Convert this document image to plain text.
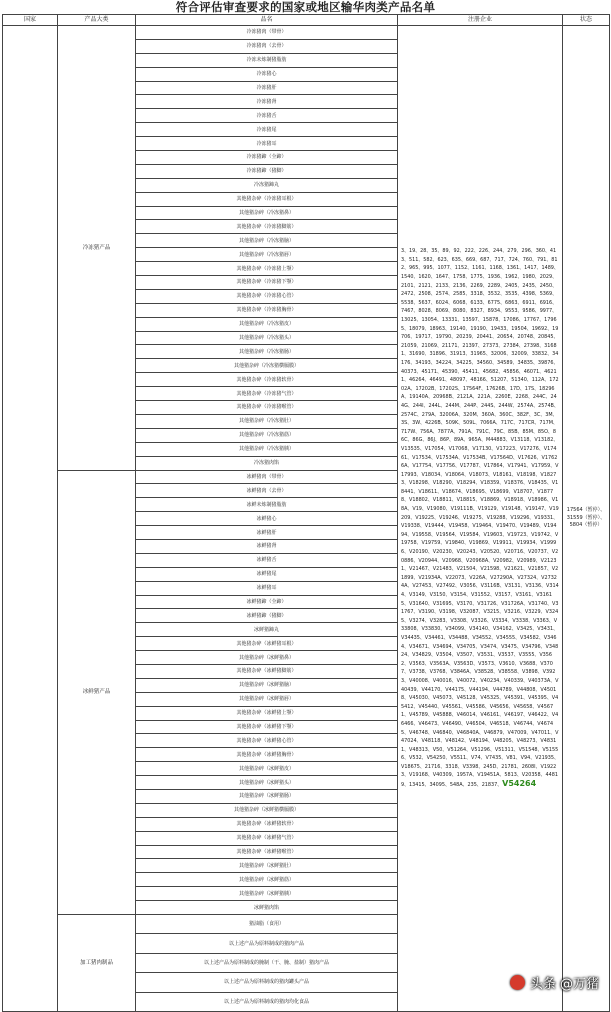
符合评估审查要求的国家或地区输华肉类产品名单
国家	产品大类	品名	注册企业	状态
	冷冻猪产品	冷冻猪肉（带骨）	3、19、28、35、89、92、222、226、244、279、296、360、413、511、582、623、635、669、687、717、724、760、791、812、965、995、1077、1152、1161、1168、1361、1417、1489、1540、1620、1647、1758、1775、1936、1962、1980、2029、2101、2121、2133、2136、2269、2289、2405、2435、2450、2472、2508、2574、2585、3318、3532、3535、4398、5369、5538、5637、6024、6068、6133、6775、6863、6911、6916、7467、8028、8069、8080、8327、8934、9553、9586、9977、13025、13054、13331、13597、15878、17086、17767、17965、18079、18963、19140、19190、19433、19504、19692、19706、19717、19790、20239、20441、20654、20748、20845、21059、21069、21171、21397、27373、27384、27398、31681、31690、31896、31913、31965、32006、32009、33832、34176、34193、34224、34225、34560、34589、34835、39876、40373、45171、45390、45411、45682、45856、46071、46211、46264、46491、48097、48166、51207、51340、112A、17202A、17202B、17202S、17564F、17626B、17D、17S、18296A、19140A、20968B、2121A、221A、2260E、2268、244C、244G、244I、244L、244M、244P、244S、244W、2574A、2574B、2574C、279A、32006A、320M、360A、360C、382F、3C、3M、3S、3W、4226B、509K、509L、7066A、717C、717CR、717M、717W、756A、7877A、791A、791C、79C、85B、85M、85O、86C、86G、86J、86P、89A、965A、M44883、V13118、V13182、V13535、V17054、V17068、V17130、V17223、V17276、V17461、V17534、V17534A、V17534B、V17564D、V17626、V17626A、V17754、V17756、V17787、V17864、V17941、V17959、V17993、V18034、V18064、V18073、V18161、V18198、V18273、V18298、V18290、V18294、V18359、V18376、V18435、V18441、V18611、V18674、V18695、V18699、V18707、V18778、V18802、V18811、V18815、V18869、V18918、V18986、V18A、V19、V19080、V19111B、V19129、V19148、V19147、V19209、V19225、V19246、V19275、V19288、V19296、V19331、V19338、V19444、V19458、V19464、V19470、V19489、V19494、V19558、V19564、V19584、V19603、V19723、V19742、V19758、V19759、V19840、V19869、V19911、V19934、V19996、V20190、V20230、V20243、V20520、V20716、V20737、V20886、V20944、V20968、V20968A、V20982、V20989、V21231、V21467、V21483、V21504、V21598、V21621、V21857、V21899、V21934A、V22073、V226A、V27290A、V27324、V27324A、V27453、V27492、V3056、V3116B、V3131、V3136、V3144、V3149、V3150、V3154、V31552、V3157、V3161、V31615、V31640、V31695、V3170、V31726、V31726A、V31740、V31767、V3190、V3198、V32087、V3215、V3216、V3229、V3245、V3274、V3283、V3308、V3326、V3334、V3338、V3363、V33808、V33830、V34099、V34140、V34162、V3425、V3431、V34435、V34461、V34488、V34552、V34555、V34582、V3464、V34671、V34694、V34705、V3474、V3475、V34796、V34824、V34829、V3504、V3507、V3531、V3537、V3555、V3562、V3563、V3563A、V3563D、V3573、V3610、V3688、V3707、V3738、V3768、V3846A、V38528、V38558、V3898、V3923、V40008、V40016、V40072、V40234、V40339、V40373A、V40439、V44170、V44175、V44194、V44789、V44808、V45018、V45030、V45073、V45128、V45325、V45391、V45395、V45412、V45440、V45561、V45586、V45656、V45658、V45671、V45789、V45888、V46014、V46161、V46197、V46422、V46466、V46473、V46490、V46504、V46518、V46744、V46745、V46748、V46840、V46840A、V46879、V47009、V47011、V47024、V48118、V48142、V48194、V48205、V48273、V48311、V48313、V50、V51264、V51296、V51311、V51548、V51556、V532、V54250、V5511、V74、V7435、V81、V94、V21935、V18675、21716、3318、V3398、245D、21781、2608I、V19223、V19168、V40309、1957A、V19451A、5813、V20358、44819、13415、34095、548A、235、21837、V54264	17564（暂停）、31559（暂停）、5804（暂停）
		冷冻猪肉（去骨）		
		冷冻未炼制猪脂肪		
		冷冻猪心		
		冷冻猪肝		
		冷冻猪肾		
		冷冻猪舌		
		冷冻猪尾		
		冷冻猪耳		
		冷冻猪蹄（全蹄）		
		冷冻猪蹄（猪脚）		
		冷冻猪蹄丸		
		其他猪杂碎（冷冻猪耳根）		
		其他猪杂碎（冷冻猪鼻）		
		其他猪杂碎（冷冻猪脚筋）		
		其他猪杂碎（冷冻猪脑）		
		其他猪杂碎（冷冻猪唇）		
		其他猪杂碎（冷冻猪上颚）		
		其他猪杂碎（冷冻猪下颚）		
		其他猪杂碎（冷冻猪心管）		
		其他猪杂碎（冷冻猪胸骨）		
		其他猪杂碎（冷冻猪皮）		
		其他猪杂碎（冷冻猪头）		
		其他猪杂碎（冷冻猪肠）		
		其他猪杂碎（冷冻猪横膈膜）		
		其他猪杂碎（冷冻猪软骨）		
		其他猪杂碎（冷冻猪气管）		
		其他猪杂碎（冷冻猪喉管）		
		其他猪杂碎（冷冻猪肚）		
		其他猪杂碎（冷冻猪筋）		
		其他猪杂碎（冷冻猪胰）		
		冷冻猪肉馅		
	冰鲜猪产品	冰鲜猪肉（带骨）		
		冰鲜猪肉（去骨）		
		冰鲜未炼制猪脂肪		
		冰鲜猪心		
		冰鲜猪肝		
		冰鲜猪肾		
		冰鲜猪舌		
		冰鲜猪尾		
		冰鲜猪耳		
		冰鲜猪蹄（全蹄）		
		冰鲜猪蹄（猪脚）		
		冰鲜猪蹄丸		
		其他猪杂碎（冰鲜猪耳根）		
		其他猪杂碎（冰鲜猪鼻）		
		其他猪杂碎（冰鲜猪脚筋）		
		其他猪杂碎（冰鲜猪脑）		
		其他猪杂碎（冰鲜猪唇）		
		其他猪杂碎（冰鲜猪上颚）		
		其他猪杂碎（冰鲜猪下颚）		
		其他猪杂碎（冰鲜猪心管）		
		其他猪杂碎（冰鲜猪胸骨）		
		其他猪杂碎（冰鲜猪皮）		
		其他猪杂碎（冰鲜猪头）		
		其他猪杂碎（冰鲜猪肠）		
		其他猪杂碎（冰鲜猪横膈膜）		
		其他猪杂碎（冰鲜猪软骨）		
		其他猪杂碎（冰鲜猪气管）		
		其他猪杂碎（冰鲜猪喉管）		
		其他猪杂碎（冰鲜猪肚）		
		其他猪杂碎（冰鲜猪筋）		
		其他猪杂碎（冰鲜猪胰）		
		冰鲜猪肉馅		
	加工猪肉制品	猪油脂（食用）		
		以上述产品为原料制成的猪肉产品		
		以上述产品为原料制成的腌制（干、腌、盐制）猪肉产品		
		以上述产品为原料制成的猪肉罐头产品		
		以上述产品为原料制成的猪肉均化食品		
头条 @万猪
